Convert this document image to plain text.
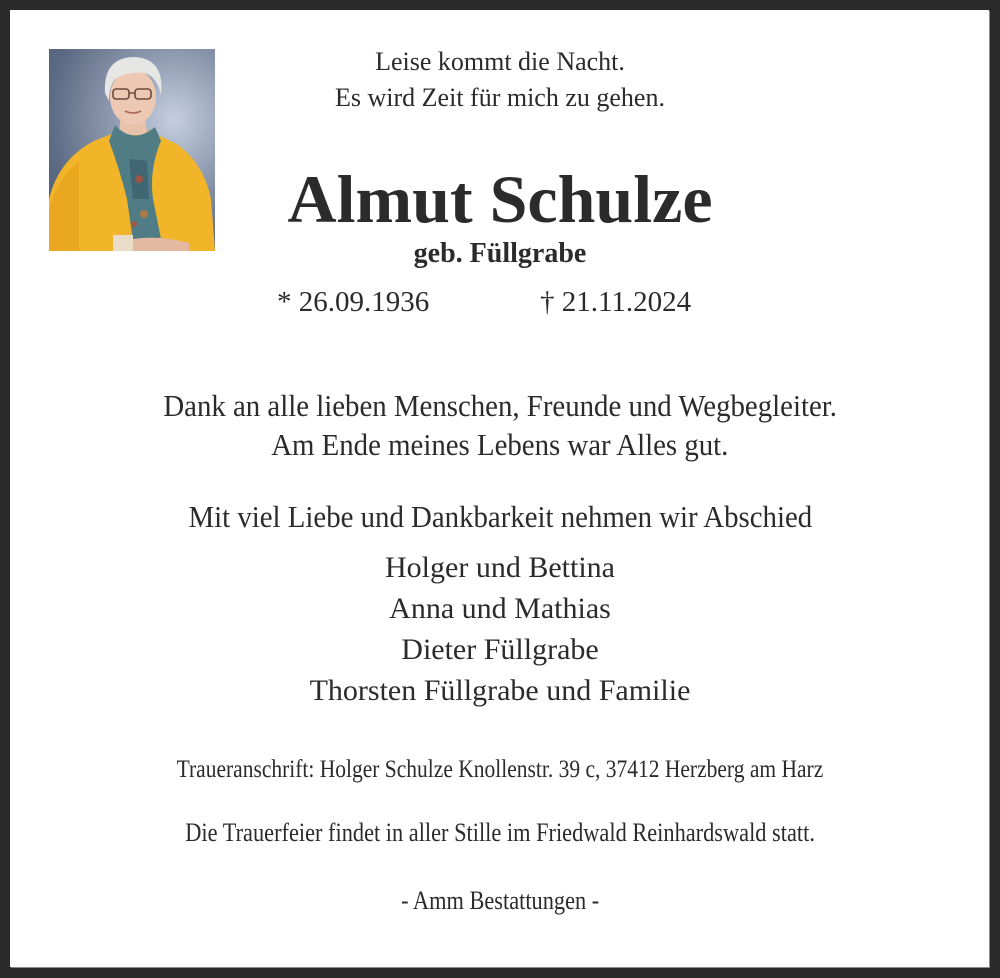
Leise kommt die Nacht.
Es wird Zeit für mich zu gehen.
Almut Schulze
geb. Füllgrabe
* 26.09.1936	† 21.11.2024
Dank an alle lieben Menschen, Freunde und Wegbegleiter.
Am Ende meines Lebens war Alles gut.
Mit viel Liebe und Dankbarkeit nehmen wir Abschied
Holger und Bettina
Anna und Mathias
Dieter Füllgrabe
Thorsten Füllgrabe und Familie
Traueranschrift: Holger Schulze Knollenstr. 39 c, 37412 Herzberg am Harz
Die Trauerfeier findet in aller Stille im Friedwald Reinhardswald statt.
- Amm Bestattungen -
